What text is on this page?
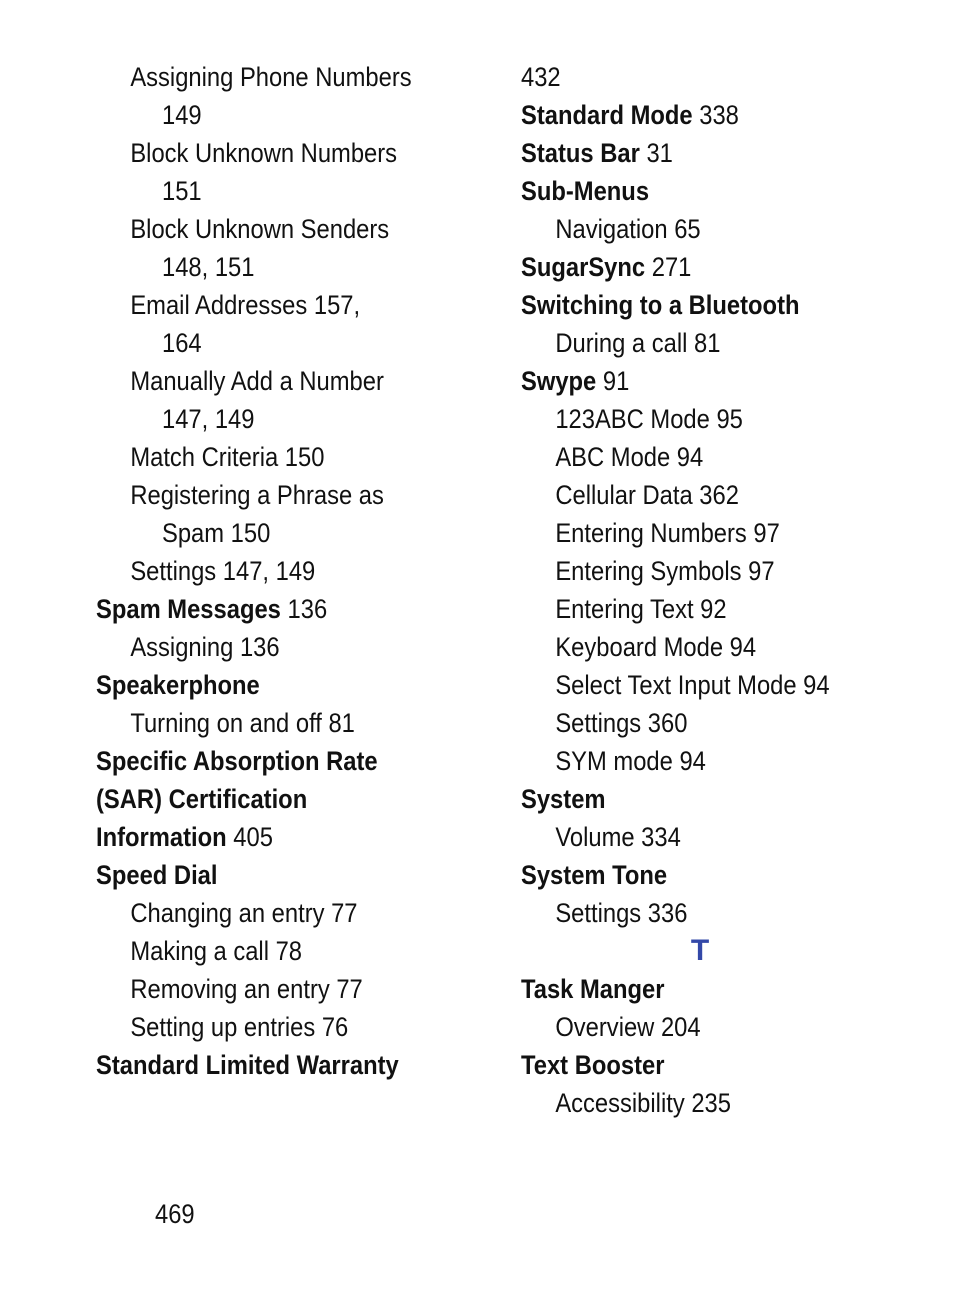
Assigning Phone Numbers
149
Block Unknown Numbers
151
Block Unknown Senders
148, 151
Email Addresses 157,
164
Manually Add a Number
147, 149
Match Criteria 150
Registering a Phrase as
Spam 150
Settings 147, 149
Spam Messages 136
Assigning 136
Speakerphone
Turning on and off 81
Specific Absorption Rate
(SAR) Certification
Information 405
Speed Dial
Changing an entry 77
Making a call 78
Removing an entry 77
Setting up entries 76
Standard Limited Warranty
432
Standard Mode 338
Status Bar 31
Sub-Menus
Navigation 65
SugarSync 271
Switching to a Bluetooth
During a call 81
Swype 91
123ABC Mode 95
ABC Mode 94
Cellular Data 362
Entering Numbers 97
Entering Symbols 97
Entering Text 92
Keyboard Mode 94
Select Text Input Mode 94
Settings 360
SYM mode 94
System
Volume 334
System Tone
Settings 336
T
Task Manger
Overview 204
Text Booster
Accessibility 235
469
